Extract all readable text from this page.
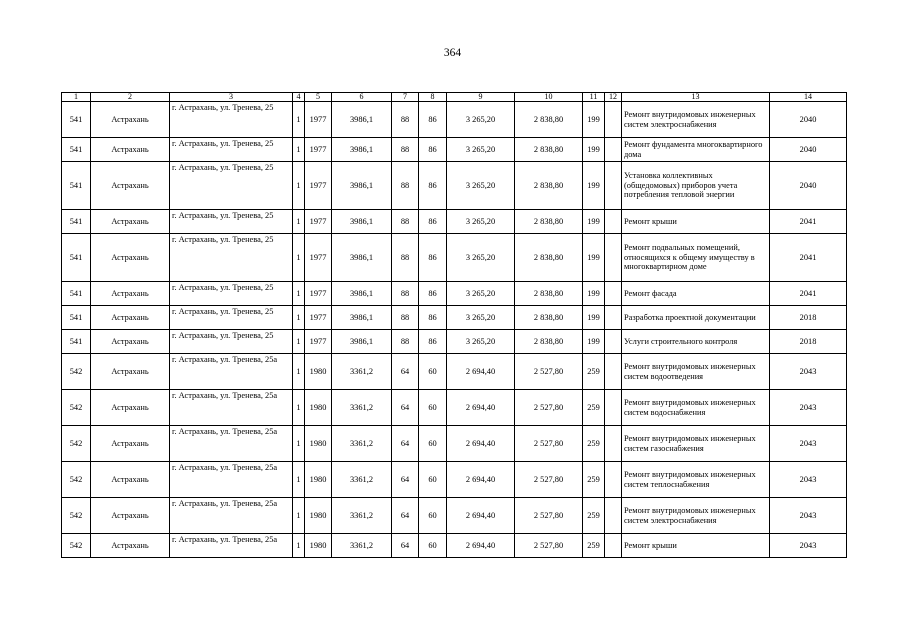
364
1	2	3	4	5	6	7	8	9	10	11	12	13	14
541	Астрахань	г. Астрахань, ул. Тренева, 25	1	1977	3986,1	88	86	3 265,20	2 838,80	199		Ремонт внутридомовых инженерных систем электроснабжения	2040
541	Астрахань	г. Астрахань, ул. Тренева, 25	1	1977	3986,1	88	86	3 265,20	2 838,80	199		Ремонт фундамента многоквартирного дома	2040
541	Астрахань	г. Астрахань, ул. Тренева, 25	1	1977	3986,1	88	86	3 265,20	2 838,80	199		Установка коллективных (общедомовых) приборов учета потребления тепловой энергии	2040
541	Астрахань	г. Астрахань, ул. Тренева, 25	1	1977	3986,1	88	86	3 265,20	2 838,80	199		Ремонт крыши	2041
541	Астрахань	г. Астрахань, ул. Тренева, 25	1	1977	3986,1	88	86	3 265,20	2 838,80	199		Ремонт подвальных помещений, относящихся к общему имуществу в многоквартирном доме	2041
541	Астрахань	г. Астрахань, ул. Тренева, 25	1	1977	3986,1	88	86	3 265,20	2 838,80	199		Ремонт фасада	2041
541	Астрахань	г. Астрахань, ул. Тренева, 25	1	1977	3986,1	88	86	3 265,20	2 838,80	199		Разработка проектной документации	2018
541	Астрахань	г. Астрахань, ул. Тренева, 25	1	1977	3986,1	88	86	3 265,20	2 838,80	199		Услуги строительного контроля	2018
542	Астрахань	г. Астрахань, ул. Тренева, 25а	1	1980	3361,2	64	60	2 694,40	2 527,80	259		Ремонт внутридомовых инженерных систем водоотведения	2043
542	Астрахань	г. Астрахань, ул. Тренева, 25а	1	1980	3361,2	64	60	2 694,40	2 527,80	259		Ремонт внутридомовых инженерных систем водоснабжения	2043
542	Астрахань	г. Астрахань, ул. Тренева, 25а	1	1980	3361,2	64	60	2 694,40	2 527,80	259		Ремонт внутридомовых инженерных систем газоснабжения	2043
542	Астрахань	г. Астрахань, ул. Тренева, 25а	1	1980	3361,2	64	60	2 694,40	2 527,80	259		Ремонт внутридомовых инженерных систем теплоснабжения	2043
542	Астрахань	г. Астрахань, ул. Тренева, 25а	1	1980	3361,2	64	60	2 694,40	2 527,80	259		Ремонт внутридомовых инженерных систем электроснабжения	2043
542	Астрахань	г. Астрахань, ул. Тренева, 25а	1	1980	3361,2	64	60	2 694,40	2 527,80	259		Ремонт крыши	2043
